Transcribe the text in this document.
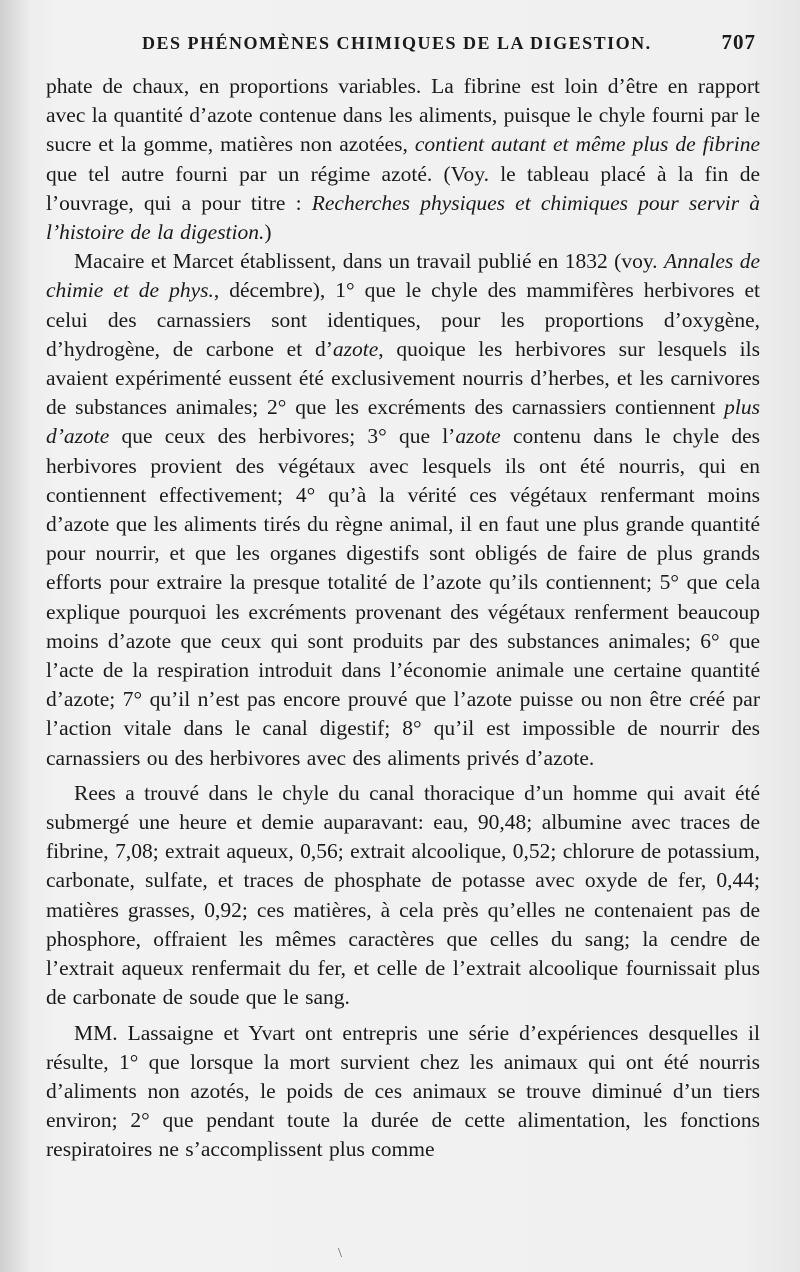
DES PHÉNOMÈNES CHIMIQUES DE LA DIGESTION.	707

phate de chaux, en proportions variables. La fibrine est loin d’être en rapport avec la quantité d’azote contenue dans les aliments, puisque le chyle fourni par le sucre et la gomme, matières non azotées, contient autant et même plus de fibrine que tel autre fourni par un régime azoté. (Voy. le tableau placé à la fin de l’ouvrage, qui a pour titre : Recherches physiques et chimiques pour servir à l’histoire de la digestion.)

Macaire et Marcet établissent, dans un travail publié en 1832 (voy. Annales de chimie et de phys., décembre), 1° que le chyle des mammifères herbivores et celui des carnassiers sont identiques, pour les proportions d’oxygène, d’hydrogène, de carbone et d’azote, quoique les herbivores sur lesquels ils avaient expérimenté eussent été exclusivement nourris d’herbes, et les carnivores de substances animales; 2° que les excréments des carnassiers contiennent plus d’azote que ceux des herbivores; 3° que l’azote contenu dans le chyle des herbivores provient des végétaux avec lesquels ils ont été nourris, qui en contiennent effectivement; 4° qu’à la vérité ces végétaux renfermant moins d’azote que les aliments tirés du règne animal, il en faut une plus grande quantité pour nourrir, et que les organes digestifs sont obligés de faire de plus grands efforts pour extraire la presque totalité de l’azote qu’ils contiennent; 5° que cela explique pourquoi les excréments provenant des végétaux renferment beaucoup moins d’azote que ceux qui sont produits par des substances animales; 6° que l’acte de la respiration introduit dans l’économie animale une certaine quantité d’azote; 7° qu’il n’est pas encore prouvé que l’azote puisse ou non être créé par l’action vitale dans le canal digestif; 8° qu’il est impossible de nourrir des carnassiers ou des herbivores avec des aliments privés d’azote.

Rees a trouvé dans le chyle du canal thoracique d’un homme qui avait été submergé une heure et demie auparavant: eau, 90,48; albumine avec traces de fibrine, 7,08; extrait aqueux, 0,56; extrait alcoolique, 0,52; chlorure de potassium, carbonate, sulfate, et traces de phosphate de potasse avec oxyde de fer, 0,44; matières grasses, 0,92; ces matières, à cela près qu’elles ne contenaient pas de phosphore, offraient les mêmes caractères que celles du sang; la cendre de l’extrait aqueux renfermait du fer, et celle de l’extrait alcoolique fournissait plus de carbonate de soude que le sang.

MM. Lassaigne et Yvart ont entrepris une série d’expériences desquelles il résulte, 1° que lorsque la mort survient chez les animaux qui ont été nourris d’aliments non azotés, le poids de ces animaux se trouve diminué d’un tiers environ; 2° que pendant toute la durée de cette alimentation, les fonctions respiratoires ne s’accomplissent plus comme

\
